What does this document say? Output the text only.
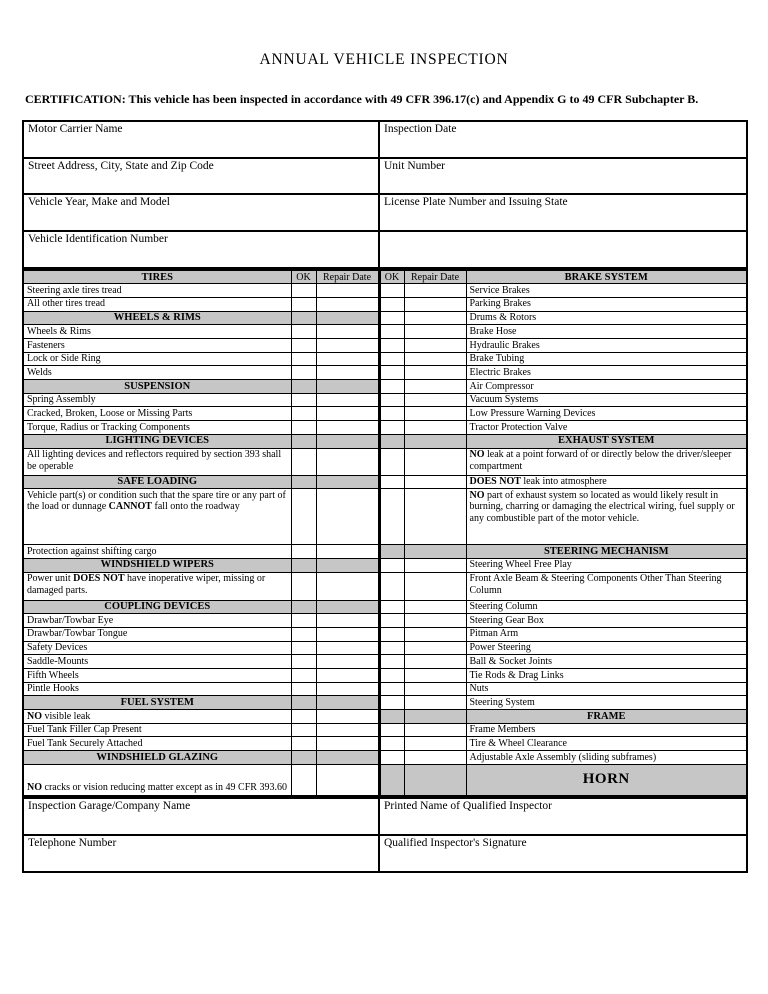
ANNUAL VEHICLE INSPECTION
CERTIFICATION: This vehicle has been inspected in accordance with 49 CFR 396.17(c) and Appendix G to 49 CFR Subchapter B.
Motor Carrier Name	Inspection Date
Street Address, City, State and Zip Code	Unit Number
Vehicle Year, Make and Model	License Plate Number and Issuing State
Vehicle Identification Number	
TIRES	OK	Repair Date	OK	Repair Date	BRAKE SYSTEM
Steering axle tires tread					Service Brakes
All other tires tread					Parking Brakes
WHEELS & RIMS					Drums & Rotors
Wheels & Rims					Brake Hose
Fasteners					Hydraulic Brakes
Lock or Side Ring					Brake Tubing
Welds					Electric Brakes
SUSPENSION					Air Compressor
Spring Assembly					Vacuum Systems
Cracked, Broken, Loose or Missing Parts					Low Pressure Warning Devices
Torque, Radius or Tracking Components					Tractor Protection Valve
LIGHTING DEVICES					EXHAUST SYSTEM
All lighting devices and reflectors required by section 393 shall be operable					NO leak at a point forward of or directly below the driver/sleeper compartment
SAFE LOADING					DOES NOT leak into atmosphere
Vehicle part(s) or condition such that the spare tire or any part of the load or dunnage CANNOT fall onto the roadway					NO part of exhaust system so located as would likely result in burning, charring or damaging the electrical wiring, fuel supply or any combustible part of the motor vehicle.
Protection against shifting cargo					STEERING MECHANISM
WINDSHIELD WIPERS					Steering Wheel Free Play
Power unit DOES NOT have inoperative wiper, missing or damaged parts.					Front Axle Beam & Steering Components Other Than Steering Column
COUPLING DEVICES					Steering Column
Drawbar/Towbar Eye					Steering Gear Box
Drawbar/Towbar Tongue					Pitman Arm
Safety Devices					Power Steering
Saddle-Mounts					Ball & Socket Joints
Fifth Wheels					Tie Rods & Drag Links
Pintle Hooks					Nuts
FUEL SYSTEM					Steering System
NO visible leak					FRAME
Fuel Tank Filler Cap Present					Frame Members
Fuel Tank Securely Attached					Tire & Wheel Clearance
WINDSHIELD GLAZING					Adjustable Axle Assembly (sliding subframes)
NO cracks or vision reducing matter except as in 49 CFR 393.60					HORN
Inspection Garage/Company Name	Printed Name of Qualified Inspector
Telephone Number	Qualified Inspector's Signature
